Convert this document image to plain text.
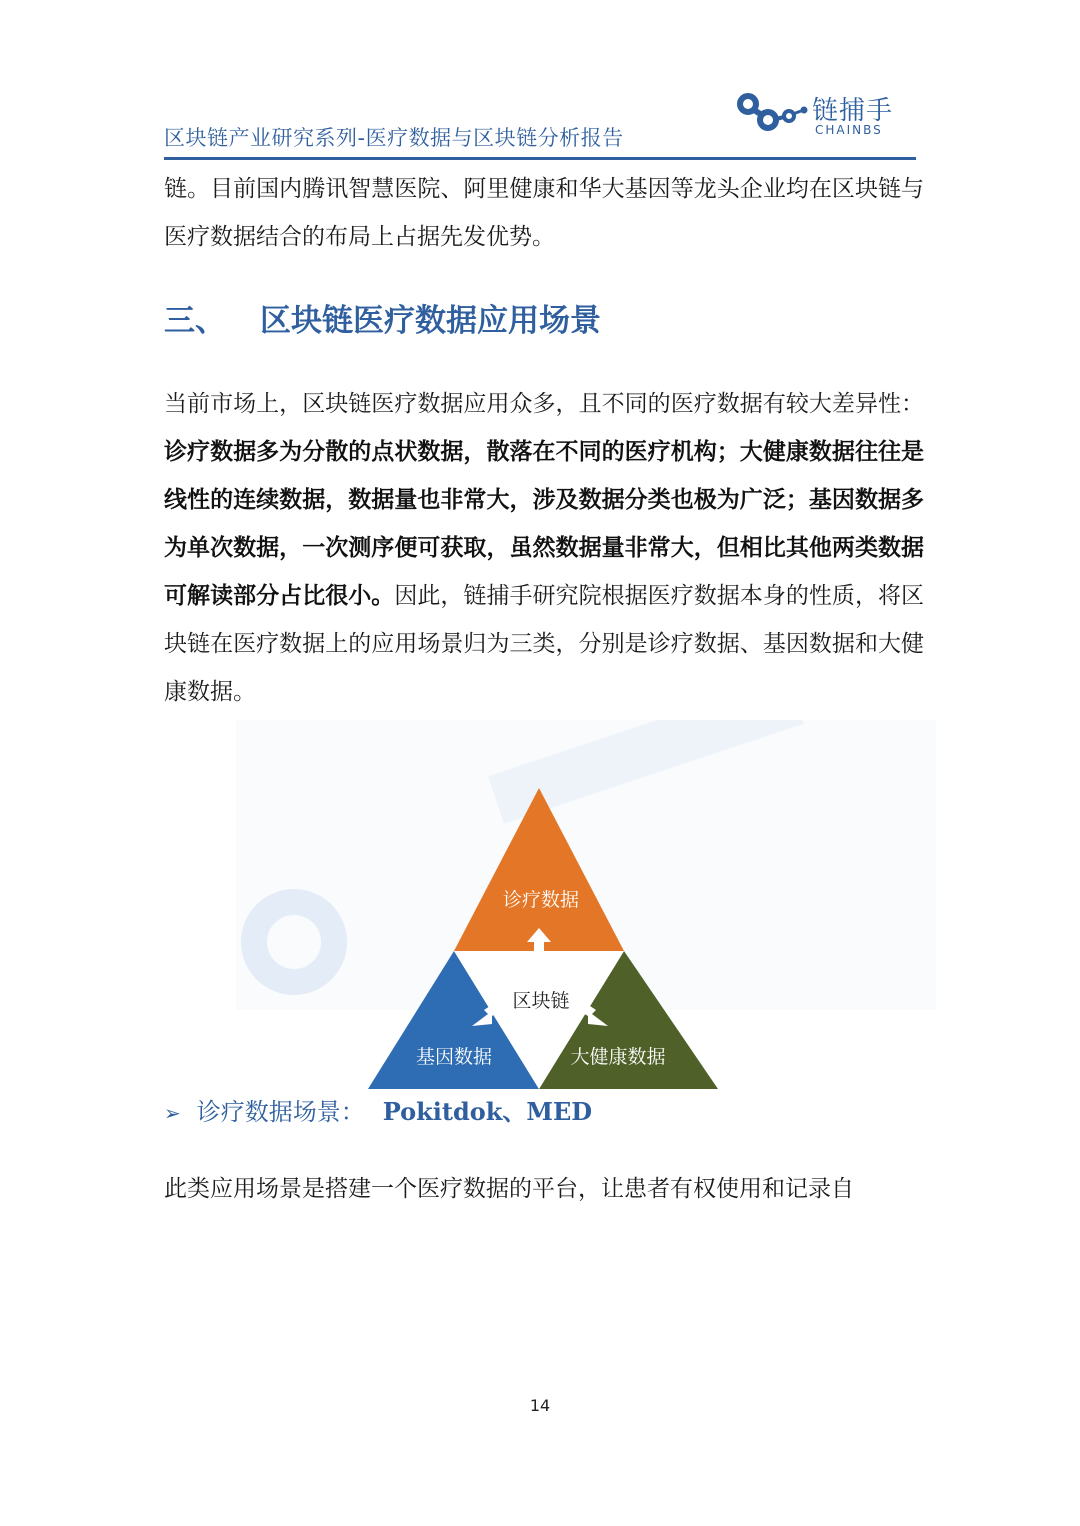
区块链产业研究系列-医疗数据与区块链分析报告
链捕手
CHAINBS
链。目前国内腾讯智慧医院、阿里健康和华大基因等龙头企业均在区块链与医疗数据结合的布局上占据先发优势。
三、 区块链医疗数据应用场景
当前市场上，区块链医疗数据应用众多，且不同的医疗数据有较大差异性：诊疗数据多为分散的点状数据，散落在不同的医疗机构；大健康数据往往是线性的连续数据，数据量也非常大，涉及数据分类也极为广泛；基因数据多为单次数据，一次测序便可获取，虽然数据量非常大，但相比其他两类数据可解读部分占比很小。因此，链捕手研究院根据医疗数据本身的性质，将区块链在医疗数据上的应用场景归为三类，分别是诊疗数据、基因数据和大健康数据。
诊疗数据
区块链
基因数据	大健康数据
➢ 诊疗数据场景： Pokitdok、MED
此类应用场景是搭建一个医疗数据的平台，让患者有权使用和记录自
14
